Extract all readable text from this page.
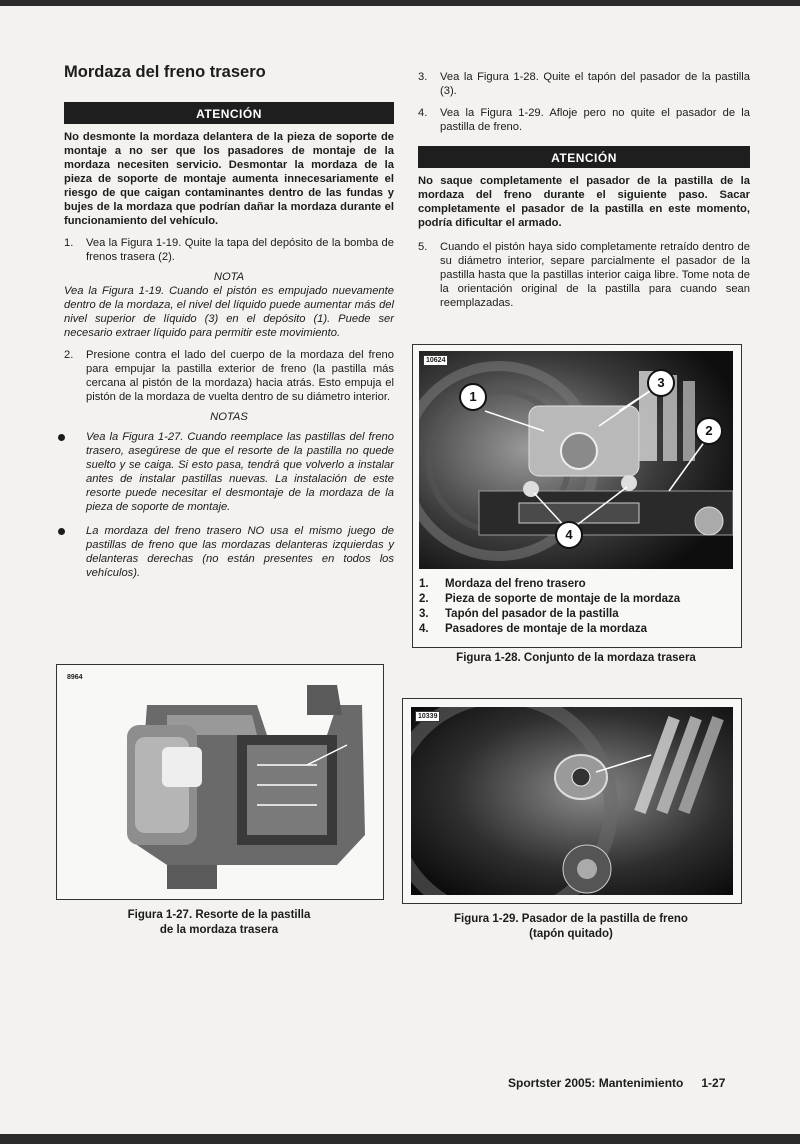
Mordaza del freno trasero
ATENCIÓN
No desmonte la mordaza delantera de la pieza de soporte de montaje a no ser que los pasadores de montaje de la mordaza necesiten servicio. Desmontar la mordaza de la pieza de soporte de montaje aumenta innecesariamente el riesgo de que caigan contaminantes dentro de las fundas y bujes de la mordaza que podrían dañar la mordaza durante el funcionamiento del vehículo.
1. Vea la Figura 1-19. Quite la tapa del depósito de la bomba de frenos trasera (2).
NOTA
Vea la Figura 1-19. Cuando el pistón es empujado nuevamente dentro de la mordaza, el nivel del líquido puede aumentar más del nivel superior de líquido (3) en el depósito (1). Puede ser necesario extraer líquido para permitir este movimiento.
2. Presione contra el lado del cuerpo de la mordaza del freno para empujar la pastilla exterior de freno (la pastilla más cercana al pistón de la mordaza) hacia atrás. Esto empuja el pistón de la mordaza de vuelta dentro de su diámetro interior.
NOTAS
Vea la Figura 1-27. Cuando reemplace las pastillas del freno trasero, asegúrese de que el resorte de la pastilla no quede suelto y se caiga. Si esto pasa, tendrá que volverlo a instalar antes de instalar pastillas nuevas. La instalación de este resorte puede necesitar el desmontaje de la mordaza de la pieza de soporte de montaje.
La mordaza del freno trasero NO usa el mismo juego de pastillas de freno que las mordazas delanteras izquierdas y delanteras derechas (no están presentes en todos los vehículos).
3. Vea la Figura 1-28. Quite el tapón del pasador de la pastilla (3).
4. Vea la Figura 1-29. Afloje pero no quite el pasador de la pastilla de freno.
ATENCIÓN
No saque completamente el pasador de la pastilla de la mordaza del freno durante el siguiente paso. Sacar completamente el pasador de la pastilla en este momento, podría dificultar el armado.
5. Cuando el pistón haya sido completamente retraído dentro de su diámetro interior, separe parcialmente el pasador de la pastilla hasta que la pastillas interior caiga libre. Tome nota de la orientación original de la pastilla para cuando sean reemplazadas.
10624
1
3
2
4
1. Mordaza del freno trasero
2. Pieza de soporte de montaje de la mordaza
3. Tapón del pasador de la pastilla
4. Pasadores de montaje de la mordaza
Figura 1-28. Conjunto de la mordaza trasera
8964
Figura 1-27. Resorte de la pastilla
de la mordaza trasera
10339
Figura 1-29. Pasador de la pastilla de freno
(tapón quitado)
Sportster 2005: Mantenimiento 1-27
